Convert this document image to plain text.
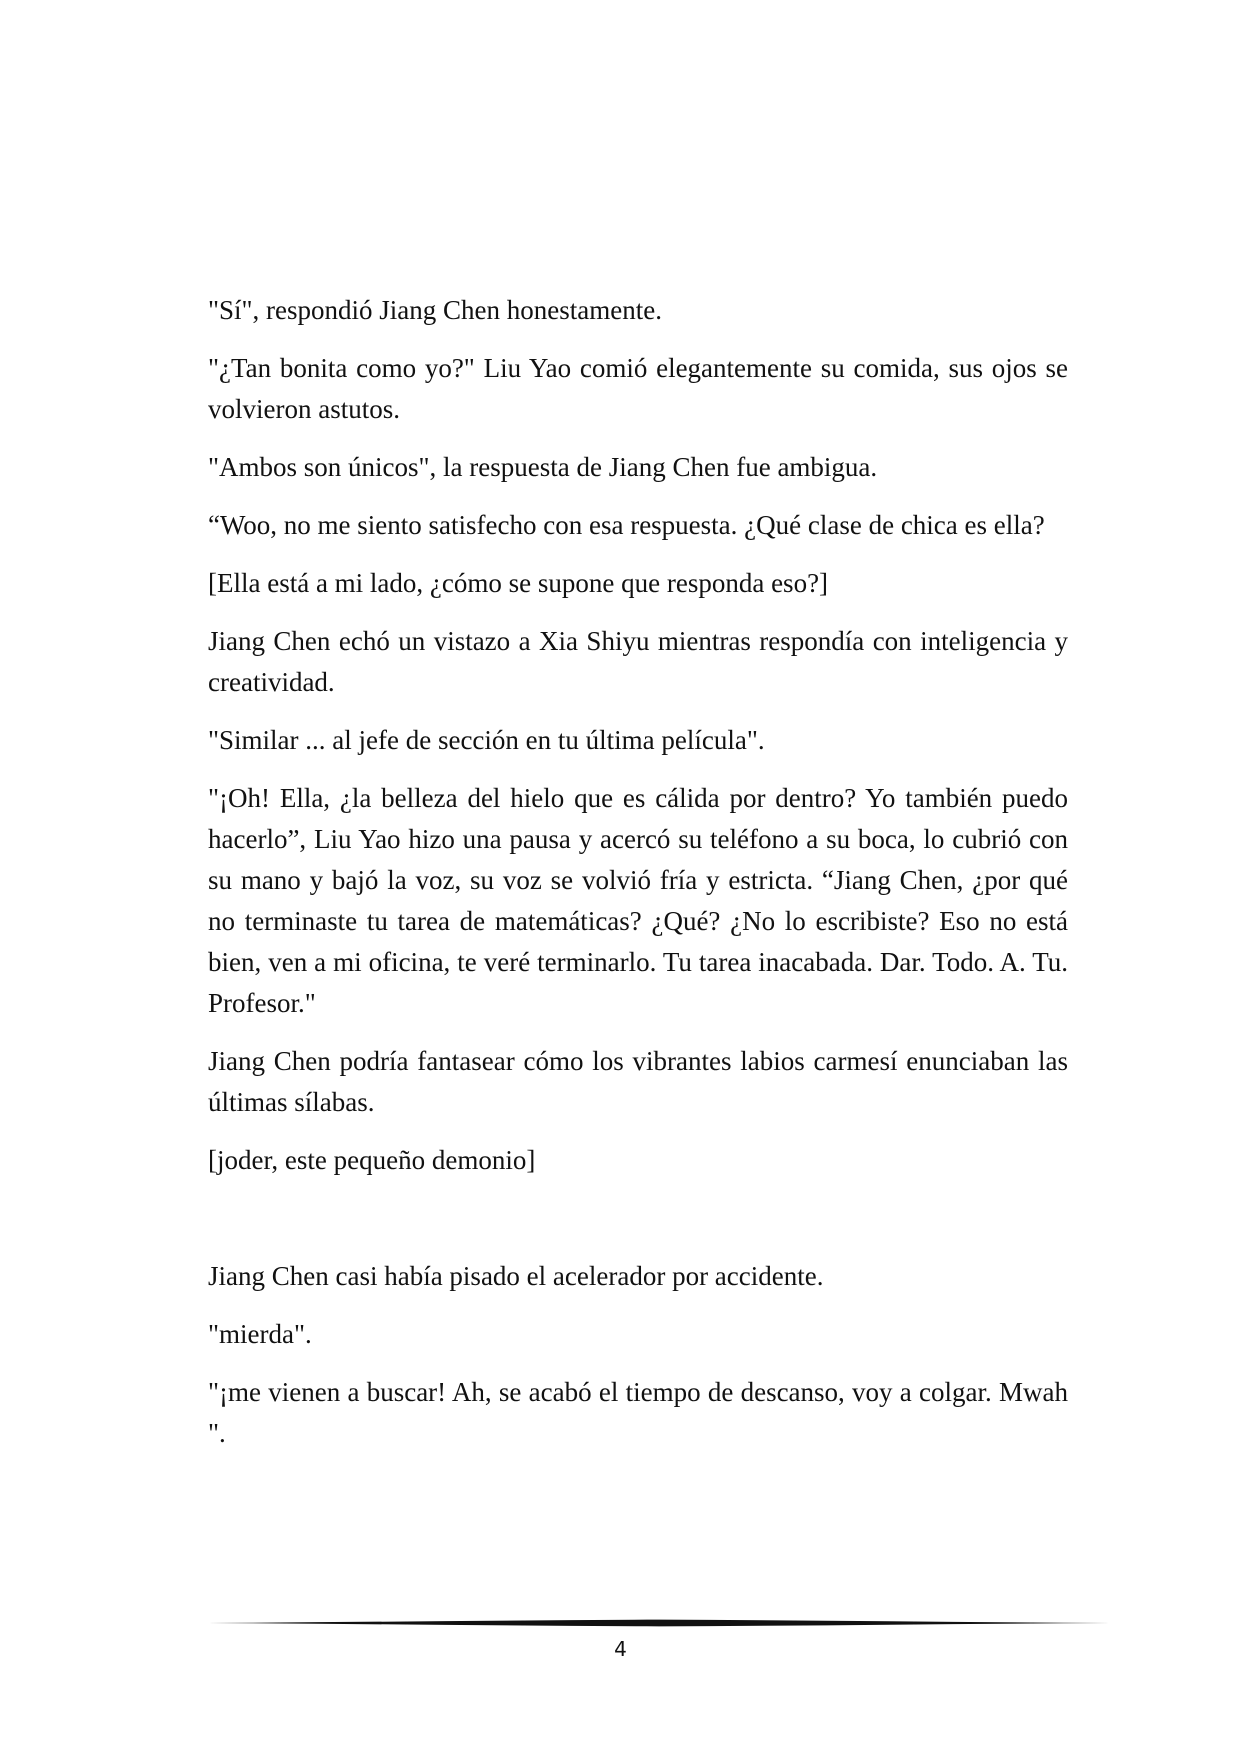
"Sí", respondió Jiang Chen honestamente.

"¿Tan bonita como yo?" Liu Yao comió elegantemente su comida, sus ojos se volvieron astutos.

"Ambos son únicos", la respuesta de Jiang Chen fue ambigua.

“Woo, no me siento satisfecho con esa respuesta. ¿Qué clase de chica es ella?

[Ella está a mi lado, ¿cómo se supone que responda eso?]

Jiang Chen echó un vistazo a Xia Shiyu mientras respondía con inteligencia y creatividad.

"Similar ... al jefe de sección en tu última película".

"¡Oh! Ella, ¿la belleza del hielo que es cálida por dentro? Yo también puedo hacerlo”, Liu Yao hizo una pausa y acercó su teléfono a su boca, lo cubrió con su mano y bajó la voz, su voz se volvió fría y estricta. “Jiang Chen, ¿por qué no terminaste tu tarea de matemáticas? ¿Qué? ¿No lo escribiste? Eso no está bien, ven a mi oficina, te veré terminarlo. Tu tarea inacabada. Dar. Todo. A. Tu. Profesor."

Jiang Chen podría fantasear cómo los vibrantes labios carmesí enunciaban las últimas sílabas.

[joder, este pequeño demonio]

Jiang Chen casi había pisado el acelerador por accidente.

"mierda".

"¡me vienen a buscar! Ah, se acabó el tiempo de descanso, voy a colgar. Mwah ".

4
